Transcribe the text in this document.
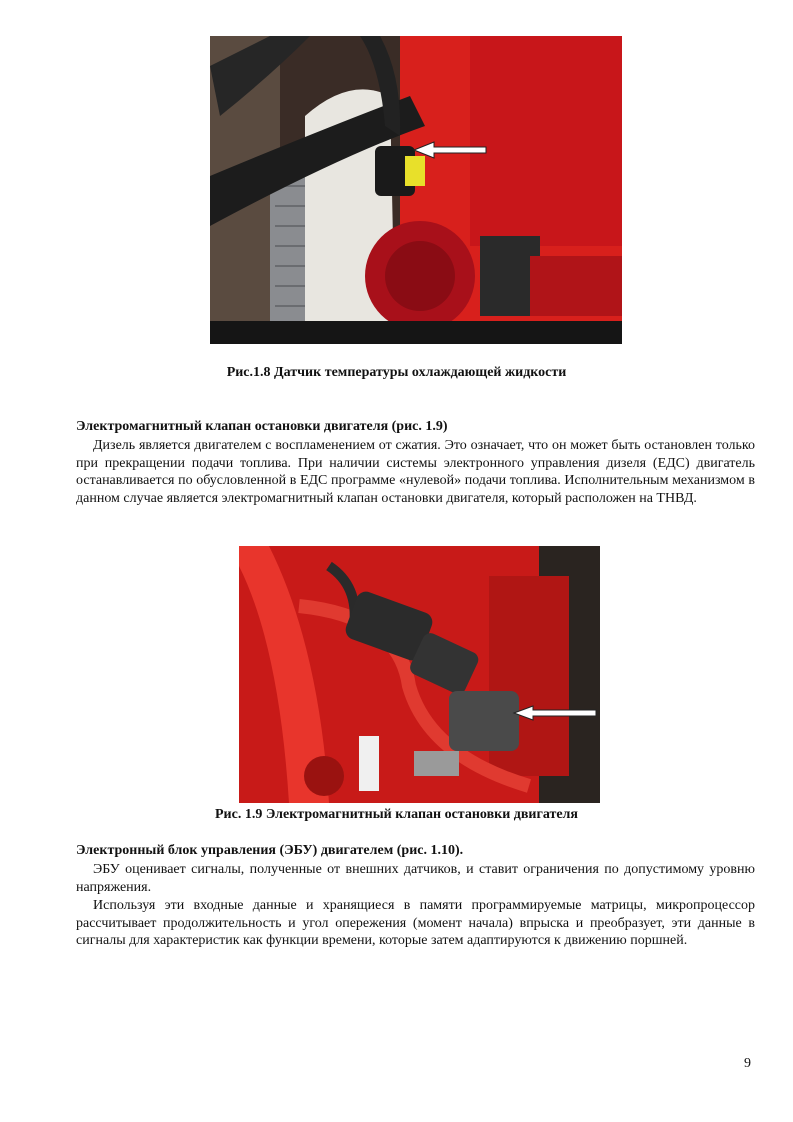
Рис.1.8 Датчик температуры охлаждающей жидкости
Электромагнитный клапан остановки двигателя (рис. 1.9)

Дизель является двигателем с воспламенением от сжатия. Это означает, что он может быть остановлен только при прекращении подачи топлива. При наличии системы электронного управления дизеля (ЕДС) двигатель останавливается по обусловленной в ЕДС программе «нулевой» подачи топлива. Исполнительным механизмом в данном случае является электромагнитный клапан остановки двигателя, который расположен на ТНВД.

Рис. 1.9 Электромагнитный клапан остановки двигателя
Электронный блок управления (ЭБУ) двигателем (рис. 1.10).

ЭБУ оценивает сигналы, полученные от внешних датчиков, и ставит ограничения по допустимому уровню напряжения.

Используя эти входные данные и хранящиеся в памяти программируемые матрицы, микропроцессор рассчитывает продолжительность и угол опережения (момент начала) впрыска и преобразует, эти данные в сигналы для характеристик как функции времени, которые затем адаптируются к движению поршней.

9
